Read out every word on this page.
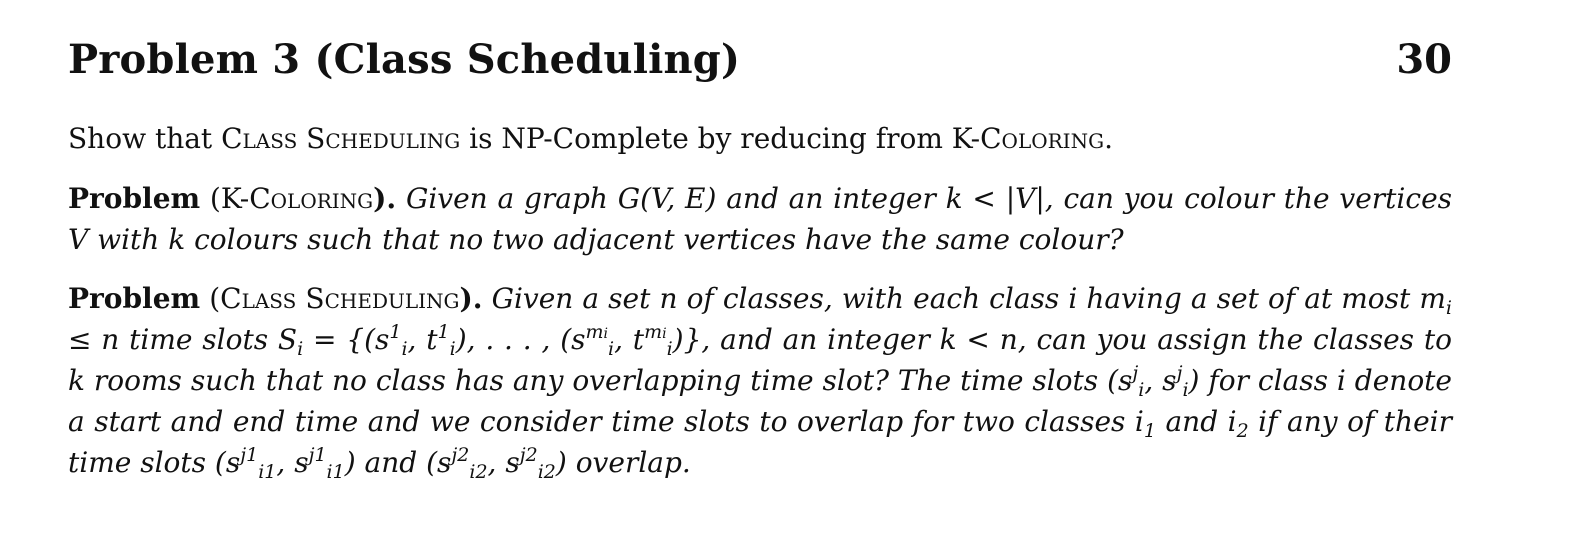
Problem 3 (Class Scheduling)	30
Show that Class Scheduling is NP-Complete by reducing from K-Coloring.
Problem (K-Coloring). Given a graph G(V, E) and an integer k < |V|, can you colour the vertices V with k colours such that no two adjacent vertices have the same colour?
Problem (Class Scheduling). Given a set n of classes, with each class i having a set of at most $m_i \le n$ time slots $S_i = \{(s^1_i$, $t^1_i$), . . . , ($s^{mi}_i$, $t^{mi}_i$)}, and an integer k < n, can you assign the classes to k rooms such that no class has any overlapping time slot? The time slots ($s^j_i$, $s^j_i$) for class i denote a start and end time and we consider time slots to overlap for two classes $i_1$ and $i_2$ if any of their time slots ($s^{j1}_{i1}$, $s^{j1}_{i1}$) and ($s^{j2}_{i2}$, $s^{j2}_{i2}$) overlap.
